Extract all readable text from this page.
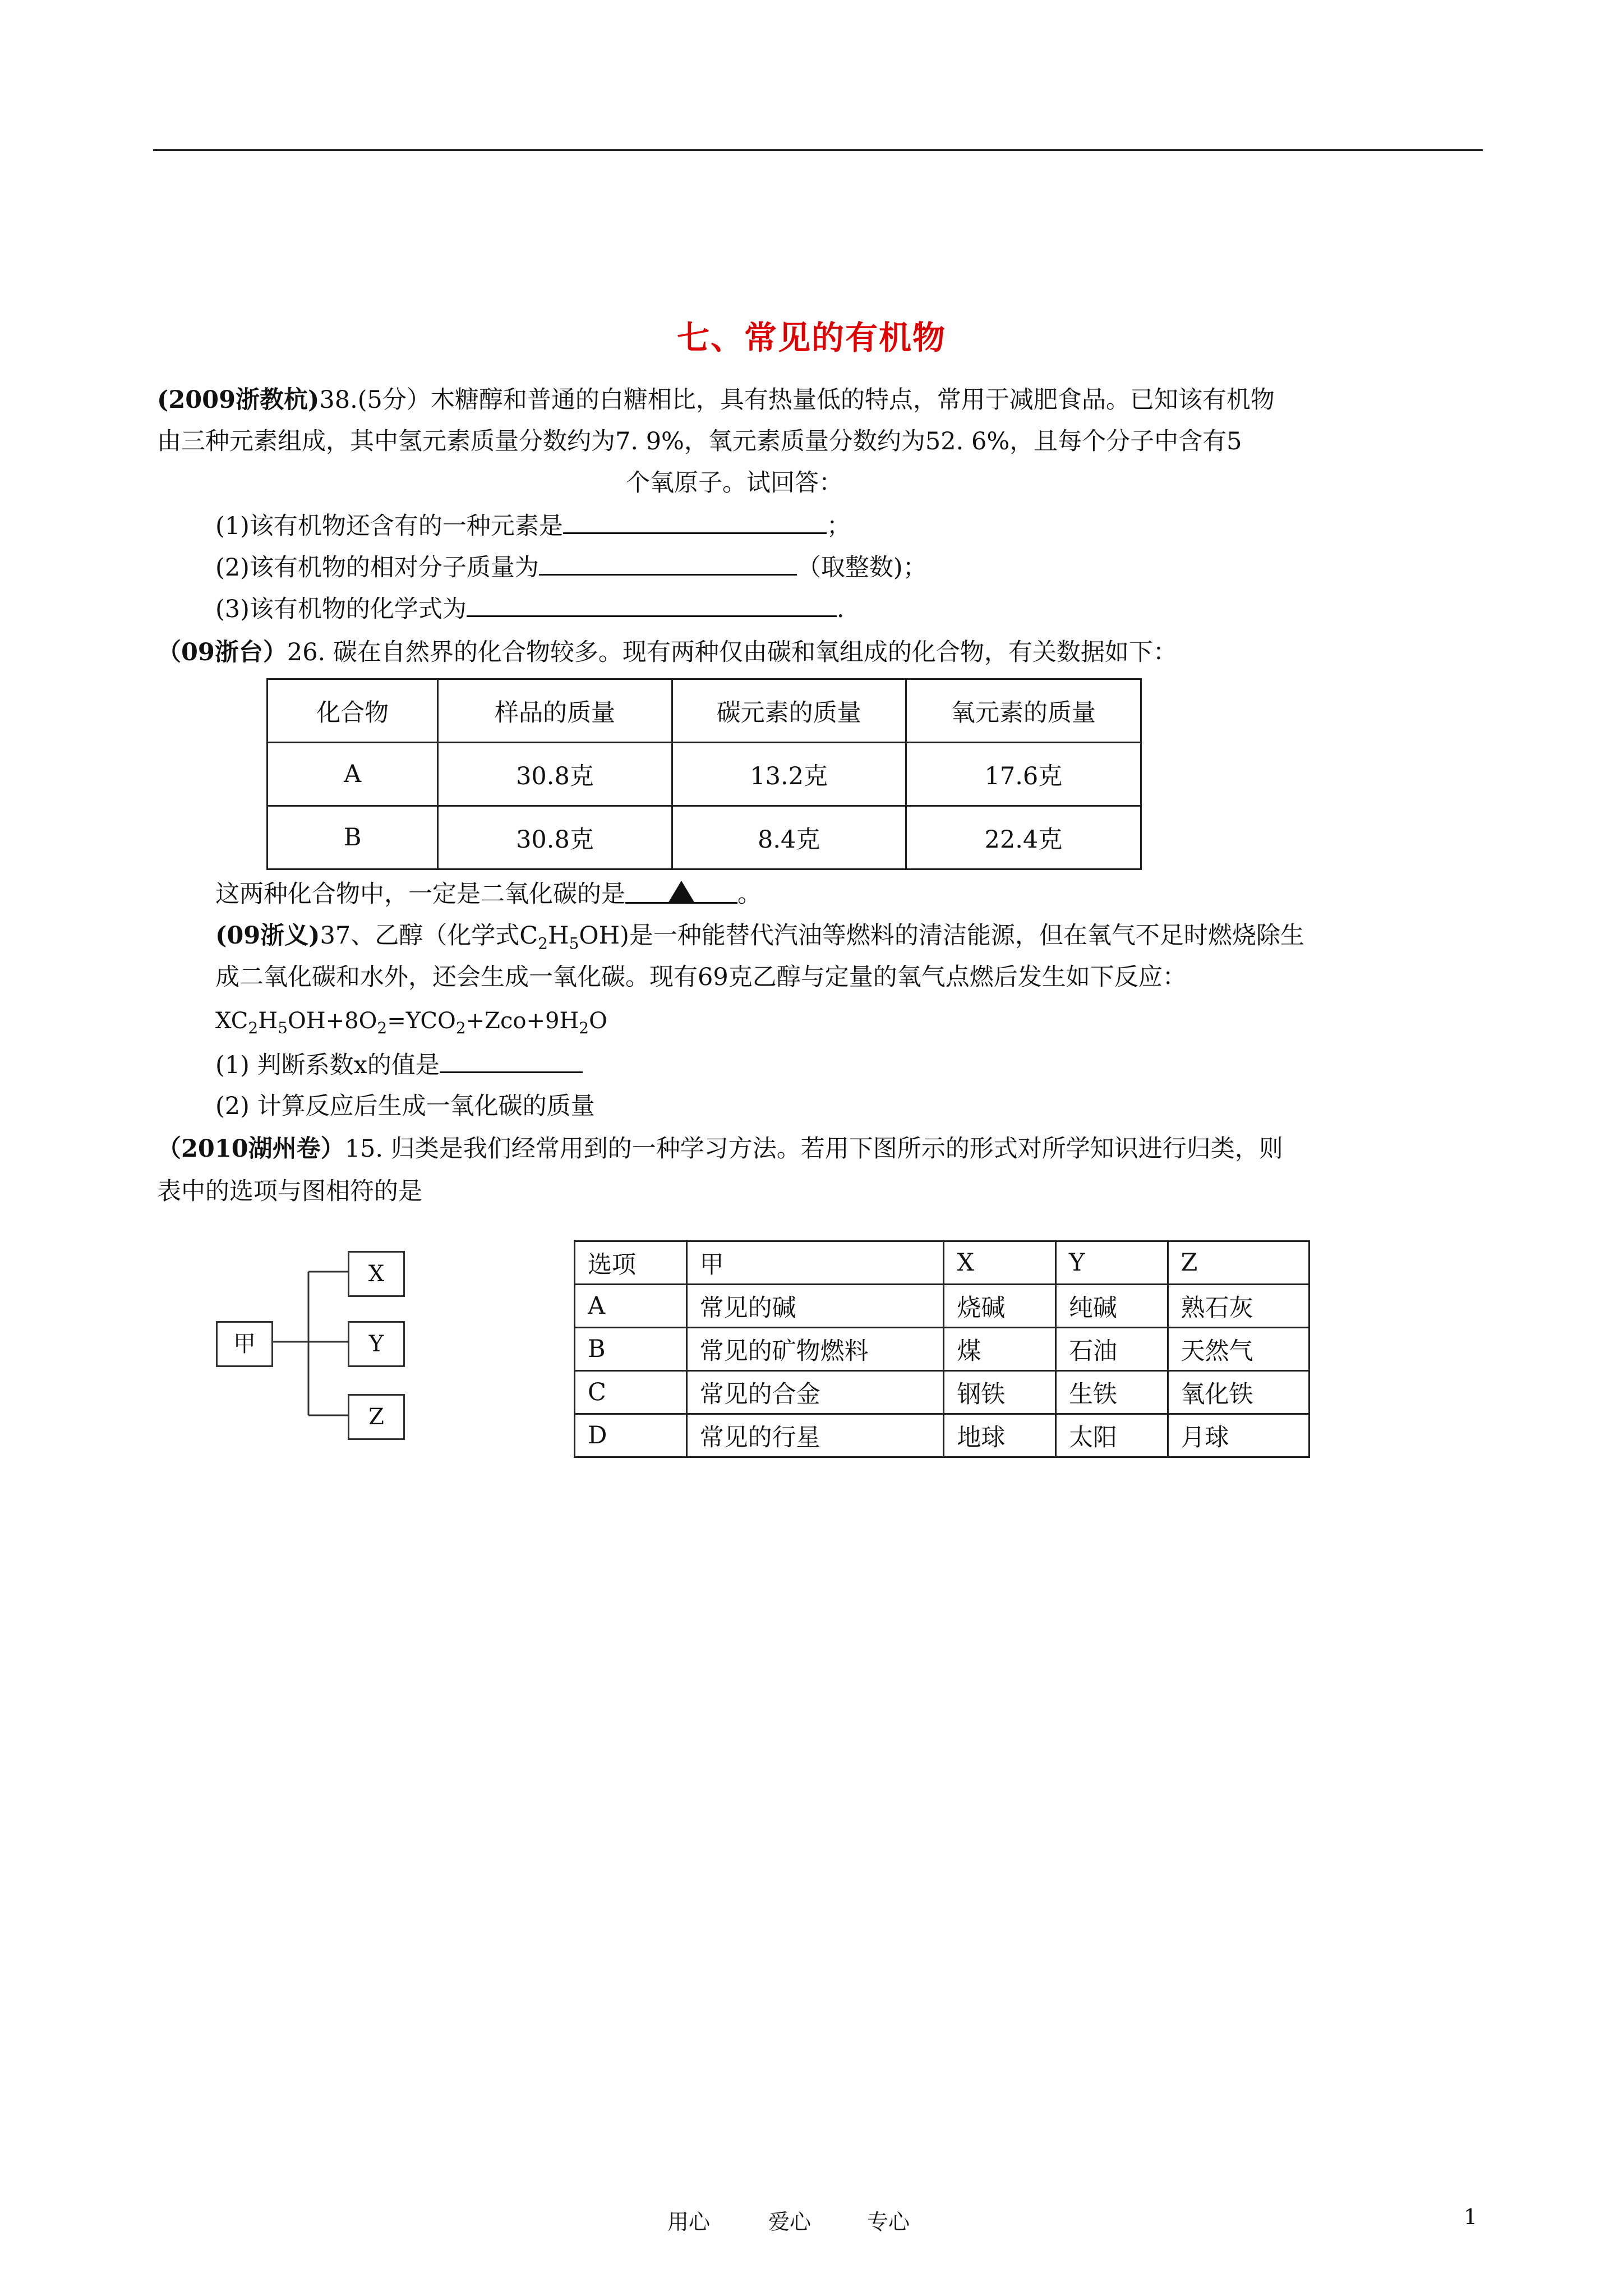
七、常见的有机物
(2009浙教杭)38.(5分）木糖醇和普通的白糖相比，具有热量低的特点，常用于减肥食品。已知该有机物
由三种元素组成，其中氢元素质量分数约为7. 9%，氧元素质量分数约为52. 6%，且每个分子中含有5
个氧原子。试回答：
(1)该有机物还含有的一种元素是	；
(2)该有机物的相对分子质量为	（取整数)；
(3)该有机物的化学式为	.
（09浙台）26. 碳在自然界的化合物较多。现有两种仅由碳和氧组成的化合物，有关数据如下：
化合物	样品的质量	碳元素的质量	氧元素的质量
A	30.8克	13.2克	17.6克
B	30.8克	8.4克	22.4克
这两种化合物中，一定是二氧化碳的是	。
(09浙义)37、乙醇（化学式$C_2H_5OH$)是一种能替代汽油等燃料的清洁能源，但在氧气不足时燃烧除生
成二氧化碳和水外，还会生成一氧化碳。现有69克乙醇与定量的氧气点燃后发生如下反应：
$XC_2H_5OH+8O_2=YCO_2+Zco+9H_2O$
(1) 判断系数x的值是
(2) 计算反应后生成一氧化碳的质量
（2010湖州卷）15. 归类是我们经常用到的一种学习方法。若用下图所示的形式对所学知识进行归类，则
表中的选项与图相符的是
甲
X
Y
Z
选项	甲	X	Y	Z
A	常见的碱	烧碱	纯碱	熟石灰
B	常见的矿物燃料	煤	石油	天然气
C	常见的合金	钢铁	生铁	氧化铁
D	常见的行星	地球	太阳	月球
用心	爱心	专心	1
